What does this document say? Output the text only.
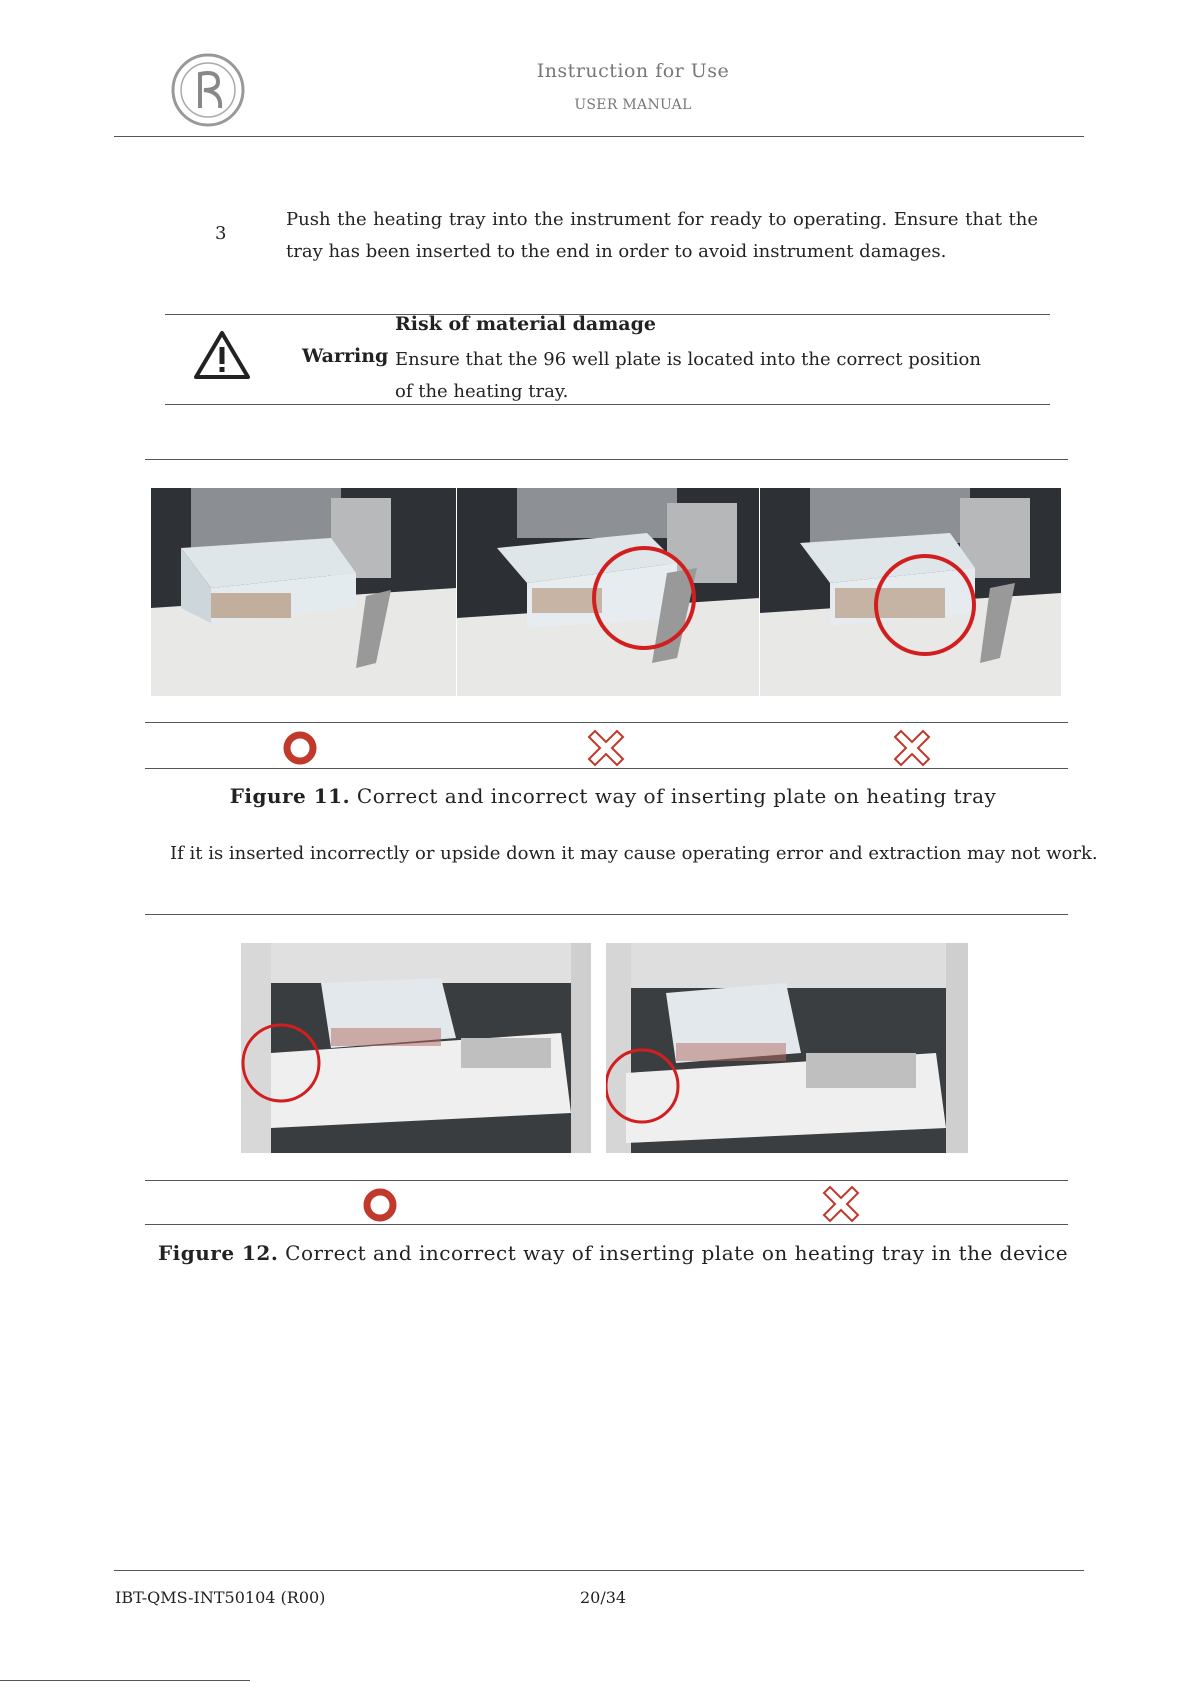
Instruction for Use
USER MANUAL
3
Push the heating tray into the instrument for ready to operating. Ensure that the tray has been inserted to the end in order to avoid instrument damages.
Warring
Risk of material damage
Ensure that the 96 well plate is located into the correct position of the heating tray.
Figure 11. Correct and incorrect way of inserting plate on heating tray
If it is inserted incorrectly or upside down it may cause operating error and extraction may not work.
Figure 12. Correct and incorrect way of inserting plate on heating tray in the device
IBT-QMS-INT50104 (R00)	20/34
